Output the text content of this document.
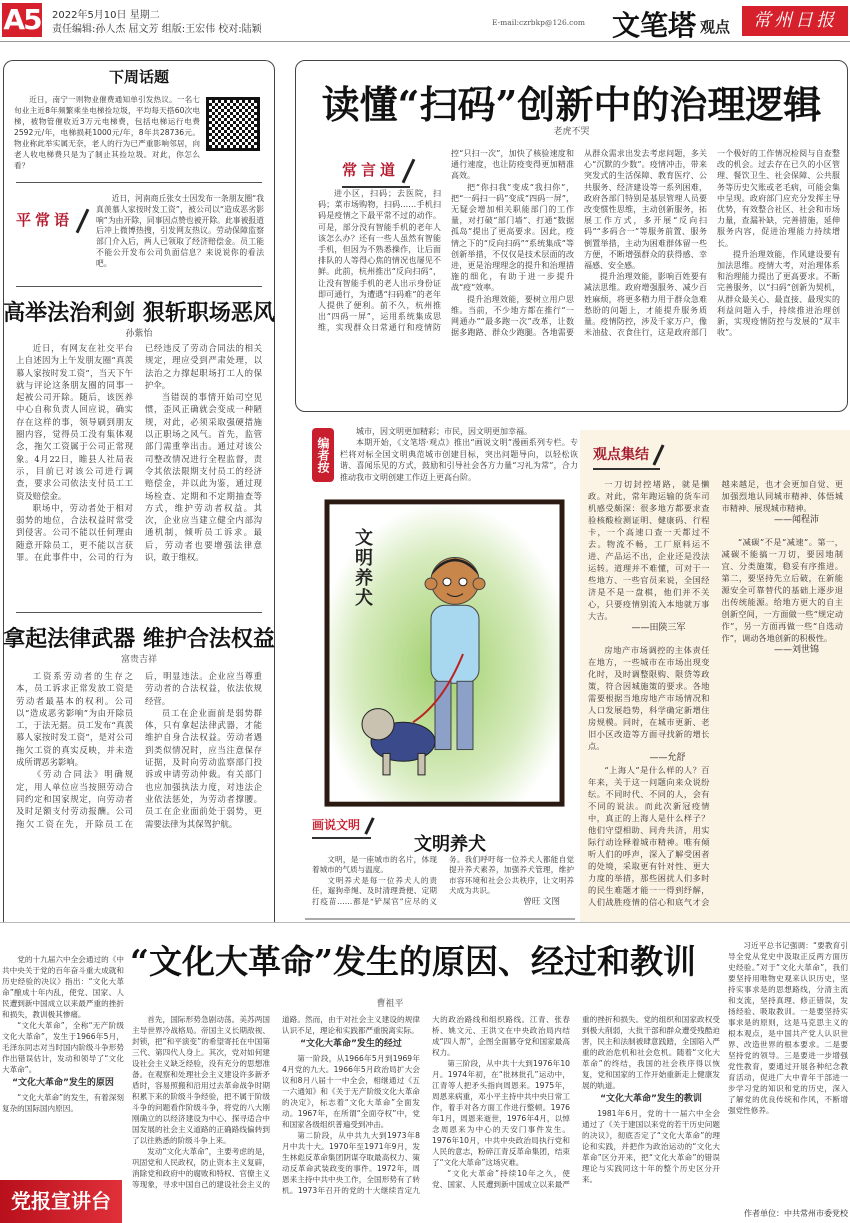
A5 2022年5月10日 星期二
责任编辑:孙人杰 屈文芳 组版:王宏伟 校对:陆颖
E-mail:czrbkp@126.com 文笔塔 观点	常州日报
下周话题

近日，南宁一则物业催费通知单引发热议。一名七旬业主近8年频繁乘坐电梯捡垃圾，平均每天搭60次电梯，被物管催收近3万元电梯费，包括电梯运行电费2592元/年，电梯损耗1000元/年，8年共28736元。物业称此举实属无奈，老人的行为已严重影响邻居，向老人收电梯费只是为了制止其捡垃圾。对此，你怎么看？

平常语

近日，河南商丘张女士因发布一条朋友圈“我真羡慕人家按时发工资”，被公司以“造成恶劣影响”为由开除，同事因点赞也被开除。此事被报道后冲上微博热搜，引发网友热议。劳动保障监察部门介入后，两人已领取了经济赔偿金。员工能不能公开发布公司负面信息？来说说你的看法吧。

高举法治利剑 狠斩职场恶风
孙紫怡

近日，有网友在社交平台上自述因为上午发朋友圈“真羡慕人家按时发工资”，当天下午就与评论这条朋友圈的同事一起被公司开除。随后，该医养中心自称负责人回应说，确实存在这样的事，领导刷到朋友圈内容，觉得员工没有集体观念，拖欠工资属于公司正常现象。4月22日，睢县人社局表示，目前已对该公司进行调查，要求公司依法支付员工工资及赔偿金。

职场中，劳动者处于相对弱势的地位，合法权益时常受到侵害。公司不能以任何理由随意开除员工，更不能以言获罪。在此事件中，公司的行为已经违反了劳动合同法的相关规定，理应受到严肃处理，以法治之力撑起职场打工人的保护伞。

当错误的事情开始司空见惯，歪风正确就会变成一种陋规，对此，必须采取强硬措施以正职场之风气。首先，监管部门需重拳出击。通过对该公司整改情况进行全程监督，责令其依法限期支付员工的经济赔偿金，并以此为鉴，通过现场检查、定期和不定期抽查等方式，维护劳动者权益。其次，企业应当建立健全内部沟通机制，倾听员工诉求。最后，劳动者也要增强法律意识，敢于维权。

拿起法律武器 维护合法权益
富贵吉祥

工资系劳动者的生存之本，员工诉求正常发放工资是劳动者最基本的权利。公司以“造成恶劣影响”为由开除员工，于法无据。员工发布“真羡慕人家按时发工资”，是对公司拖欠工资的真实反映，并未造成所谓恶劣影响。

《劳动合同法》明确规定，用人单位应当按照劳动合同约定和国家规定，向劳动者及时足额支付劳动报酬。公司拖欠工资在先，开除员工在后，明显违法。企业应当尊重劳动者的合法权益，依法依规经营。

员工在企业面前是弱势群体，只有拿起法律武器，才能维护自身合法权益。劳动者遇到类似情况时，应当注意保存证据，及时向劳动监察部门投诉或申请劳动仲裁。有关部门也应加强执法力度，对违法企业依法惩处，为劳动者撑腰。员工在企业面前处于弱势，更需要法律为其保驾护航。

读懂“扫码”创新中的治理逻辑
老虎不哭
常言道

进小区，扫码；去医院，扫码；菜市场购物，扫码……手机扫码是疫情之下最平常不过的动作。可是，部分没有智能手机的老年人该怎么办？还有一些人虽然有智能手机，但因为不熟悉操作，让后面排队的人等得心焦的情况也屡见不鲜。此前，杭州推出“反向扫码”，让没有智能手机的老人出示身份证即可通行，为遭遇“扫码难”的老年人提供了便利。前不久，杭州推出“四码一屏”，运用系统集成思维，实现群众日常通行和疫情防控“只扫一次”，加快了核验速度和通行速度，也让防疫变得更加精准高效。

把“你扫我”变成“我扫你”，把“一码扫一码”变成“四码一屏”，无疑会增加相关职能部门的工作量，对打破“部门墙”、打通“数据孤岛”提出了更高要求。因此，疫情之下的“反向扫码”“系统集成”等创新举措，不仅仅是技术层面的改进，更是治理理念的提升和治理措施的细化，有助于进一步提升战“疫”效率。

提升治理效能，要树立用户思维。当前，不少地方都在推行“一网通办”“最多跑一次”改革，让数据多跑路、群众少跑腿。各地需要从群众需求出发去考虑问题，多关心“沉默的少数”。疫情冲击，带来突发式的生活保障、教育医疗、公共服务、经济建设等一系列困难，政府各部门特别是基层管理人员要改变惯性思维，主动创新服务，拓展工作方式，多开展“反向扫码”“多码合一”等服务前置、服务倒置举措，主动为困难群体留一些方便，不断增强群众的获得感、幸福感、安全感。

提升治理效能，影响百姓要有减法思维。政府增强服务、减少百姓麻烦，将更多精力用于群众急难愁盼的问题上，才能提升服务质量。疫情防控，涉及千家万户，像米油盐、衣食住行，这是政府部门一个极好的工作情况检阅与自查整改的机会。过去存在已久的小区管理、餐饮卫生、社会保障、公共服务等历史欠账或老毛病，可能会集中呈现。政府部门应充分发挥主导优势，有效整合社区、社会和市场力量，查漏补缺，完善措施，延伸服务内容，促进治理能力持续增长。

提升治理效能，作风建设要有加法思维。疫情大考，对治理体系和治理能力提出了更高要求。不断完善服务，以“扫码”创新为契机，从群众最关心、最直接、最现实的利益问题入手，持续推进治理创新，实现疫情防控与发展的“双丰收”。

编者按

城市，因文明更加精彩；市民，因文明更加幸福。

本期开始，《文笔塔·观点》推出“画说文明”漫画系列专栏。专栏将对标全国文明典范城市创建目标，突出问题导向，以轻松诙谐、喜闻乐见的方式，鼓励和引导社会各方力量“习礼为常”，合力推动我市文明创建工作迈上更高台阶。

文明养犬
画说文明
文明养犬

文明，是一座城市的名片，体现着城市的气质与温度。

文明养犬是每一位养犬人的责任，遛狗牵绳、及时清理粪便、定期打疫苗……都是“铲屎官”应尽的义务。我们呼吁每一位养犬人都能自觉提升养犬素养，加强养犬管理，维护市容环境和社会公共秩序，让文明养犬成为共识。

曾旺 文图
观点集结

一刀切封控堵路，就是懒政。对此，常年跑运输的货车司机感受颇深：很多地方都要求查验核酸检测证明、健康码、行程卡，一个高速口查一天都过不去。物流不畅，工厂原料运不进、产品运不出，企业还是没法运转。道理并不难懂，可对于一些地方、一些官员来说，全国经济是不是一盘棋，他们并不关心，只要疫情别流入本地就万事大吉。

——田陕三军

房地产市场调控的主体责任在地方，一些城市在市场出现变化时，及时调整限购、限贷等政策，符合因城施策的要求。各地需要根据当地房地产市场情况和人口发展趋势，科学确定新增住房规模。同时，在城市更新、老旧小区改造等方面寻找新的增长点。

——允舒

“上海人”是什么样的人？百年来，关于这一问题向来众说纷纭。不同时代、不同的人，会有不同的说法。而此次新冠疫情中，真正的上海人是什么样子？他们守望相助、同舟共济，用实际行动诠释着城市精神。唯有倾听人们的呼声，深入了解受困者的处境，采取更有针对性、更大力度的举措，那些困扰人们多时的民生难题才能一一得到纾解，人们战胜疫情的信心和底气才会越来越足，也才会更加自觉、更加强烈地认同城市精神、体悟城市精神、展现城市精神。

——闻程沛

“减碳”不是“减速”。第一，减碳不能搞一刀切，要因地制宜、分类施策，稳妥有序推进。第二，要坚持先立后破，在新能源安全可靠替代的基础上逐步退出传统能源。给地方更大的自主创新空间，一方面做一些“规定动作”，另一方面再做一些“自选动作”，调动各地创新的积极性。

——刘世锦
“文化大革命”发生的原因、经过和教训
曹祖平

党的十九届六中全会通过的《中共中央关于党的百年奋斗重大成就和历史经验的决议》指出：“文化大革命”酿成十年内乱，使党、国家、人民遭到新中国成立以来最严重的挫折和损失，教训极其惨痛。

“文化大革命”，全称“无产阶级文化大革命”，发生于1966年5月，毛泽东同志对当时国内阶级斗争形势作出错误估计，发动和领导了“文化大革命”。

“文化大革命”发生的原因

“文化大革命”的发生，有着深刻复杂的国际国内原因。

党报宣讲台

首先，国际形势急剧动荡。美苏两国主导世界冷战格局。帝国主义长期敌视、封锁，把“和平演变”的希望寄托在中国第三代、第四代人身上。其次，党对如何建设社会主义缺乏经验，没有充分的思想准备。在观察和处理社会主义建设许多新矛盾时，容易照搬和沿用过去革命战争时期积累下来的阶级斗争经验，把不属于阶级斗争的问题看作阶级斗争，将党的八大刚刚确立的以经济建设为中心、探寻适合中国发展的社会主义道路的正确路线偏转到了以往熟悉的阶级斗争上来。

发动“文化大革命”，主要考虑的是，巩固党和人民政权，防止资本主义复辟，消除党和政府中的腐败和特权、官僚主义等现象，寻求中国自己的建设社会主义的道路。然而，由于对社会主义建设的规律认识不足，理论和实践都严重脱离实际。

“文化大革命”发生的经过

第一阶段，从1966年5月到1969年4月党的九大。1966年5月政治局扩大会议和8月八届十一中全会，相继通过《五一六通知》和《关于无产阶级文化大革命的决定》，标志着“文化大革命”全面发动。1967年，在所谓“全面夺权”中，党和国家各级组织普遍受到冲击。

第二阶段，从中共九大到1973年8月中共十大。1970年至1971年9月，发生林彪反革命集团阴谋夺取最高权力、策动反革命武装政变的事件。1972年，周恩来主持中共中央工作，全国形势有了转机。1973年召开的党的十大继续肯定九大的政治路线和组织路线。江青、张春桥、姚文元、王洪文在中央政治局内结成“四人帮”，企图全面篡夺党和国家最高权力。

第三阶段，从中共十大到1976年10月。1974年初，在“批林批孔”运动中，江青等人把矛头指向周恩来。1975年，周恩来病重，邓小平主持中共中央日常工作，着手对各方面工作进行整顿。1976年1月，周恩来逝世，1976年4月，以悼念周恩来为中心的天安门事件发生。1976年10月，中共中央政治局执行党和人民的意志，粉碎江青反革命集团，结束了“文化大革命”这场灾难。

“文化大革命”持续10年之久，使党、国家、人民遭到新中国成立以来最严重的挫折和损失。党的组织和国家政权受到极大削弱，大批干部和群众遭受残酷迫害，民主和法制被肆意践踏，全国陷入严重的政治危机和社会危机。随着“文化大革命”的终结，我国的社会秩序得以恢复，党和国家的工作开始重新走上健康发展的轨道。

“文化大革命”发生的教训

1981年6月，党的十一届六中全会通过了《关于建国以来党的若干历史问题的决议》，彻底否定了“文化大革命”的理论和实践，并把作为政治运动的“文化大革命”区分开来，把“文化大革命”的错误理论与实践同这十年的整个历史区分开来。

习近平总书记强调：“要教育引导全党从党史中汲取正反两方面历史经验。”对于“文化大革命”，我们要坚持用唯物史观来认识历史，坚持实事求是的思想路线，分清主流和支流，坚持真理、修正错误，发扬经验、吸取教训。一是要坚持实事求是的原则，这是马克思主义的根本观点，是中国共产党人认识世界、改造世界的根本要求。二是要坚持党的领导。三是要进一步增强党性教育，要通过开展各种纪念教育活动，促进广大中青年干部进一步学习党的知识和党的历史，深入了解党的优良传统和作风，不断增强党性修养。

作者单位：中共常州市委党校
